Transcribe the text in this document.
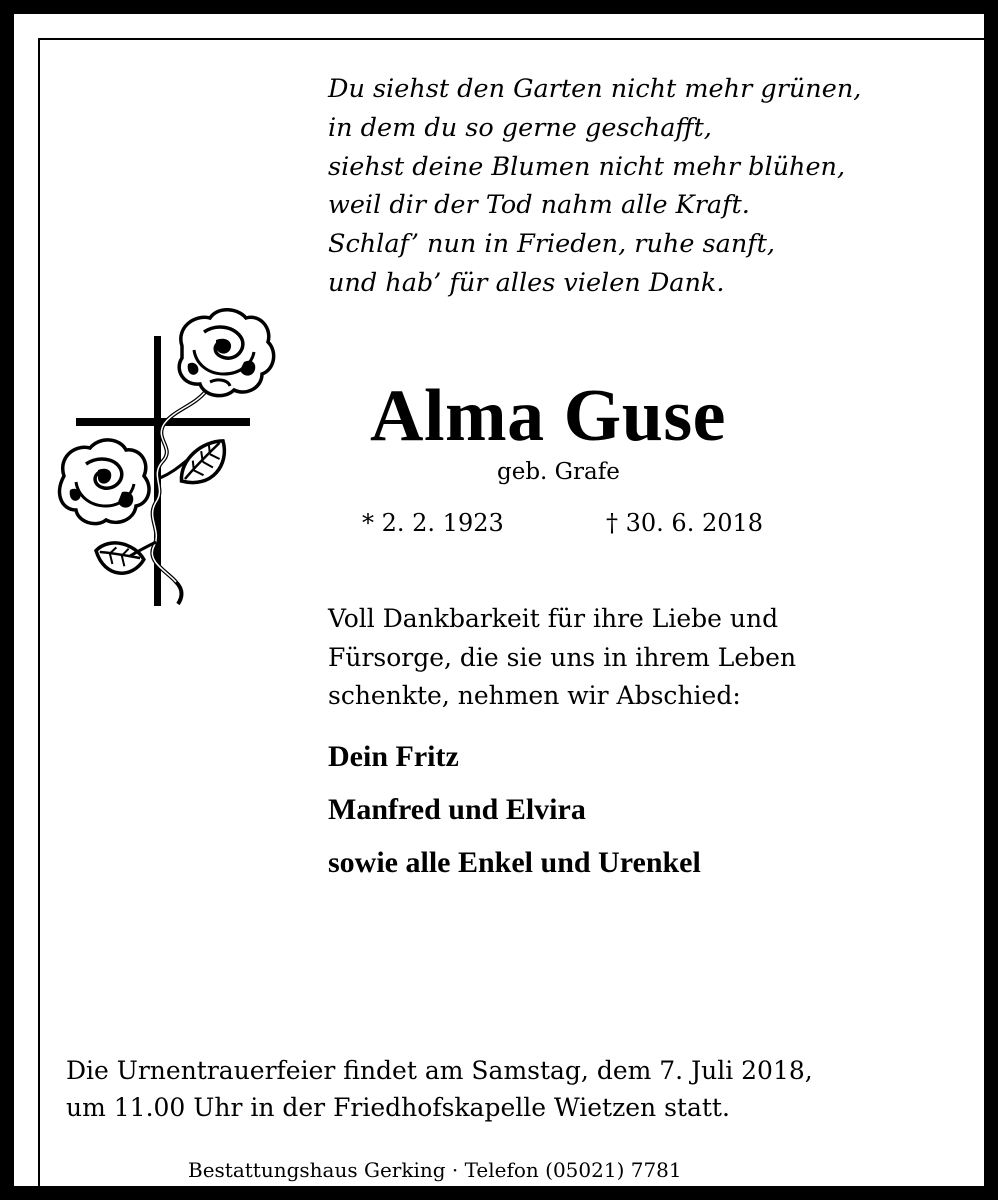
Du siehst den Garten nicht mehr grünen,
in dem du so gerne geschafft,
siehst deine Blumen nicht mehr blühen,
weil dir der Tod nahm alle Kraft.
Schlaf’ nun in Frieden, ruhe sanft,
und hab’ für alles vielen Dank.
Alma Guse
geb. Grafe
* 2. 2. 1923	† 30. 6. 2018
Voll Dankbarkeit für ihre Liebe und
Fürsorge, die sie uns in ihrem Leben
schenkte, nehmen wir Abschied:
Dein Fritz
Manfred und Elvira
sowie alle Enkel und Urenkel
Die Urnentrauerfeier findet am Samstag, dem 7. Juli 2018,
um 11.00 Uhr in der Friedhofskapelle Wietzen statt.
Bestattungshaus Gerking · Telefon (05021) 7781
